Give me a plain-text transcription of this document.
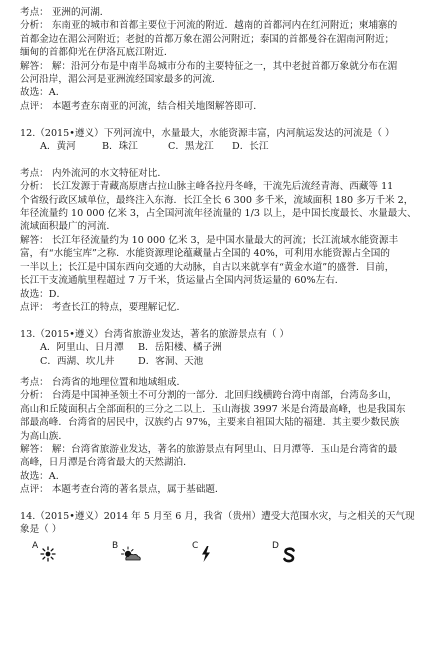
考点： 亚洲的河湖．

分析： 东南亚的城市和首都主要位于河流的附近．越南的首都河内在红河附近；柬埔寨的

首都金边在湄公河附近；老挝的首都万象在湄公河附近；泰国的首都曼谷在湄南河附近；

缅甸的首都仰光在伊洛瓦底江附近．

解答： 解：沿河分布是中南半岛城市分布的主要特征之一，其中老挝首都万象就分布在湄

公河沿岸，湄公河是亚洲流经国家最多的河流．

故选：A．

点评： 本题考查东南亚的河流，结合相关地图解答即可．

12.（2015•遵义）下列河流中，水量最大，水能资源丰富，内河航运发达的河流是（ ）

A．黄河	B．珠江	C．黑龙江	D．长江

考点： 内外流河的水文特征对比．

分析： 长江发源于青藏高原唐古拉山脉主峰各拉丹冬峰，干流先后流经青海、西藏等 11

个省级行政区域单位，最终注入东海．长江全长 6 300 多千米，流域面积 180 多万千米 2，

年径流量约 10 000 亿米 3，占全国河流年径流量的 1/3 以上，是中国长度最长、水量最大、

流域面积最广的河流．

解答： 长江年径流量约为 10 000 亿米 3，是中国水量最大的河流；长江流域水能资源丰

富，有“水能宝库”之称．水能资源理论蕴藏量占全国的 40%，可利用水能资源占全国的

一半以上；长江是中国东西向交通的大动脉，自古以来就享有“黄金水道”的盛誉．目前，

长江干支流通航里程超过 7 万千米，货运量占全国内河货运量的 60%左右．

故选：D．

点评： 考查长江的特点，要理解记忆．

13.（2015•遵义）台湾省旅游业发达，著名的旅游景点有（ ）

A．阿里山、日月潭	B．岳阳楼、橘子洲
C．西湖、坎儿井	D．客洞、天池

考点： 台湾省的地理位置和地域组成．

分析： 台湾是中国神圣领土不可分割的一部分．北回归线横跨台湾中南部，台湾岛多山，

高山和丘陵面积占全部面积的三分之二以上．玉山海拔 3997 米是台湾最高峰，也是我国东

部最高峰．台湾省的居民中，汉族约占 97%，主要来自祖国大陆的福建．其主要少数民族

为高山族．

解答： 解：台湾省旅游业发达，著名的旅游景点有阿里山、日月潭等．玉山是台湾省的最

高峰，日月潭是台湾省最大的天然湖泊．

故选：A．

点评： 本题考查台湾的著名景点，属于基础题．

14.（2015•遵义）2014 年 5 月至 6 月，我省（贵州）遭受大范围水灾，与之相关的天气现

象是（ ）

A	B	C	D
